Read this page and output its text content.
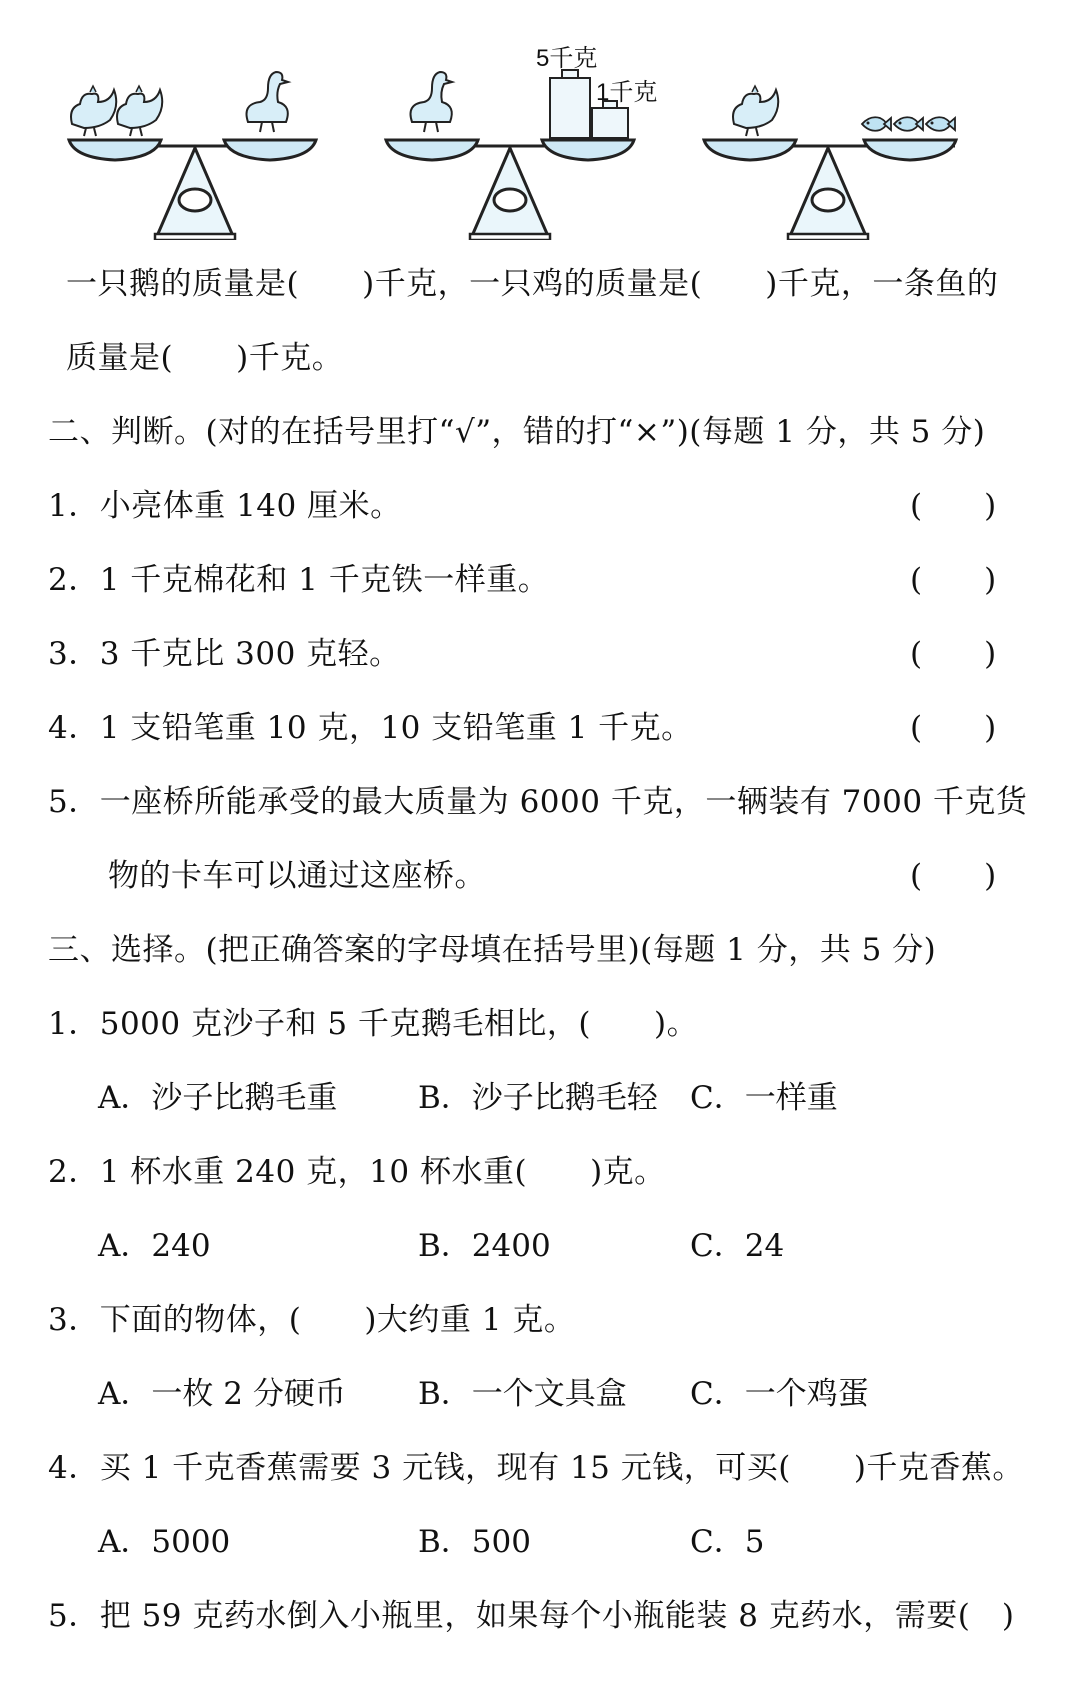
5千克
1千克
一只鹅的质量是(　　)千克，一只鸡的质量是(　　)千克，一条鱼的
质量是(　　)千克。
二、判断。(对的在括号里打“√”，错的打“×”)(每题 1 分，共 5 分)
1．小亮体重 140 厘米。	(　　)
2．1 千克棉花和 1 千克铁一样重。	(　　)
3．3 千克比 300 克轻。	(　　)
4．1 支铅笔重 10 克，10 支铅笔重 1 千克。	(　　)
5．一座桥所能承受的最大质量为 6000 千克，一辆装有 7000 千克货
物的卡车可以通过这座桥。	(　　)
三、选择。(把正确答案的字母填在括号里)(每题 1 分，共 5 分)
1．5000 克沙子和 5 千克鹅毛相比，(　　)。
A．沙子比鹅毛重	B．沙子比鹅毛轻 C．一样重
2．1 杯水重 240 克，10 杯水重(　　)克。
A．240	B．2400	C．24
3．下面的物体，(　　)大约重 1 克。
A．一枚 2 分硬币 B．一个文具盒 C．一个鸡蛋
4．买 1 千克香蕉需要 3 元钱，现有 15 元钱，可买(　　)千克香蕉。
A．5000	B．500	C．5
5．把 59 克药水倒入小瓶里，如果每个小瓶能装 8 克药水，需要(　)
